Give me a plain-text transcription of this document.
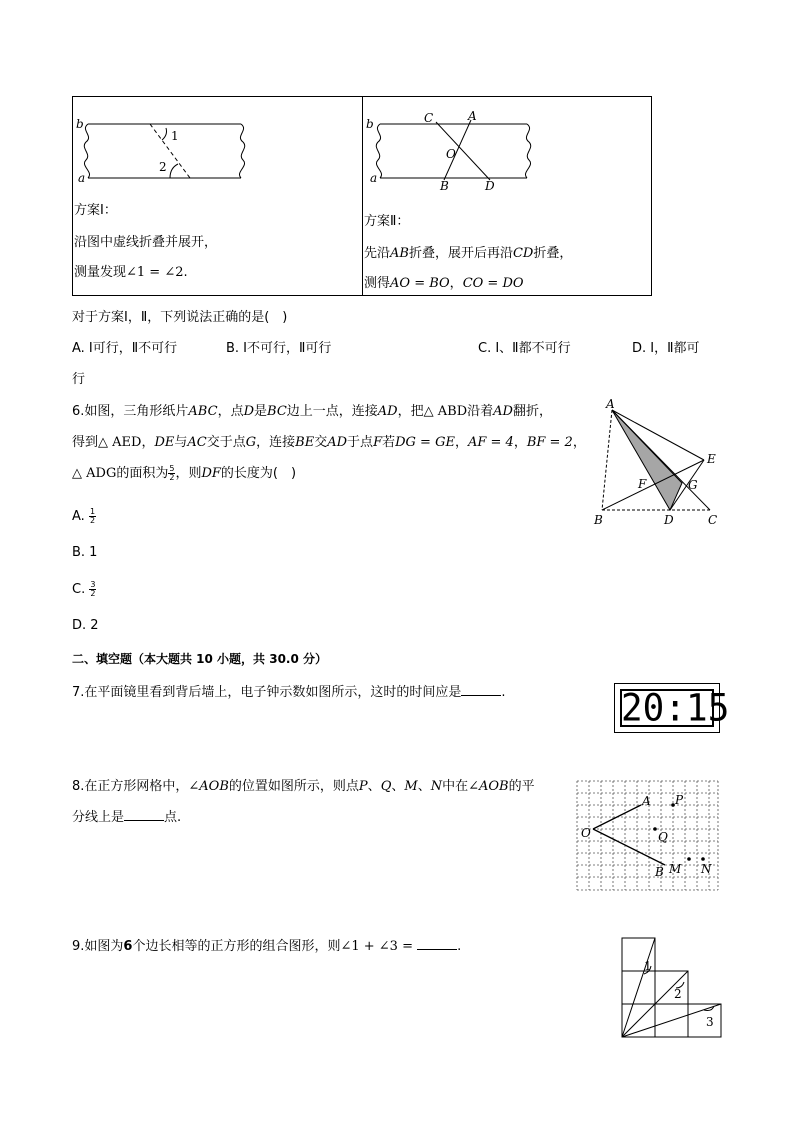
b
a
1
2
方案Ⅰ：
沿图中虚线折叠并展开，
测量发现∠1 = ∠2.
b
a
C	A
O
B	D
方案Ⅱ：
先沿AB折叠，展开后再沿CD折叠，
测得AO = BO，CO = DO
对于方案Ⅰ，Ⅱ，下列说法正确的是(　)
A. Ⅰ可行，Ⅱ不可行	B. Ⅰ不可行，Ⅱ可行	C. Ⅰ、Ⅱ都不可行	D. Ⅰ，Ⅱ都可
行
6.如图，三角形纸片ABC，点D是BC边上一点，连接AD，把△ ABD沿着AD翻折，
得到△ AED，DE与AC交于点G，连接BE交AD于点F若DG = GE，AF = 4，BF = 2，
△ ADG的面积为 $\frac{5}{2}$ ，则DF的长度为(　)
A. $\frac{1}{2}$
B. 1
C. $\frac{3}{2}$
D. 2
A
E
F	G
B	D	C
二、填空题（本大题共 10 小题，共 30.0 分）
7.在平面镜里看到背后墙上，电子钟示数如图所示，这时的时间应是	.	20:15
8.在正方形网格中，∠AOB的位置如图所示，则点P、Q、M、N中在∠AOB的平
分线上是	点.
A P
O	Q
B M N
9.如图为6个边长相等的正方形的组合图形，则∠1 + ∠3 =	.
1
2
3
